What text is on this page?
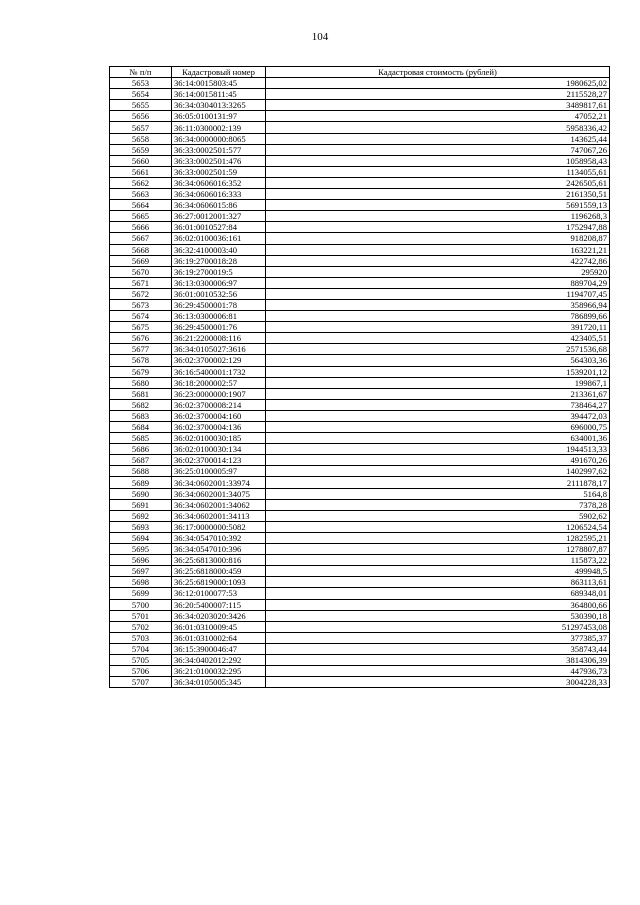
104
№ п/п	Кадастровый номер	Кадастровая стоимость (рублей)
5653	36:14:0015803:45	1980625,02
5654	36:14:0015811:45	2115528,27
5655	36:34:0304013:3265	3489817,61
5656	36:05:0100131:97	47052,21
5657	36:11:0300002:139	5958336,42
5658	36:34:0000000:8065	143625,44
5659	36:33:0002501:577	747067,26
5660	36:33:0002501:476	1058958,43
5661	36:33:0002501:59	1134055,61
5662	36:34:0606016:352	2426505,61
5663	36:34:0606016:333	2161350,51
5664	36:34:0606015:86	5691559,13
5665	36:27:0012001:327	1196268,3
5666	36:01:0010527:84	1752947,88
5667	36:02:0100036:161	918208,87
5668	36:32:4100003:40	163221,21
5669	36:19:2700018:28	422742,86
5670	36:19:2700019:5	295920
5671	36:13:0300006:97	889704,29
5672	36:01:0010532:56	1194707,45
5673	36:29:4500001:78	358966,94
5674	36:13:0300006:81	786899,66
5675	36:29:4500001:76	391720,11
5676	36:21:2200008:116	423405,51
5677	36:34:0105027:3616	2571536,68
5678	36:02:3700002:129	564303,36
5679	36:16:5400001:1732	1539201,12
5680	36:18:2000002:57	199867,1
5681	36:23:0000000:1907	213361,67
5682	36:02:3700008:214	738464,27
5683	36:02:3700004:160	394472,03
5684	36:02:3700004:136	696000,75
5685	36:02:0100030:185	634001,36
5686	36:02:0100030:134	1944513,33
5687	36:02:3700014:123	491670,26
5688	36:25:0100005:97	1402997,62
5689	36:34:0602001:33974	2111878,17
5690	36:34:0602001:34075	5164,8
5691	36:34:0602001:34062	7378,28
5692	36:34:0602001:34113	5902,62
5693	36:17:0000000:5082	1206524,54
5694	36:34:0547010:392	1282595,21
5695	36:34:0547010:396	1278807,87
5696	36:25:6813000:816	115873,22
5697	36:25:6818000:459	499948,5
5698	36:25:6819000:1093	863113,61
5699	36:12:0100077:53	689348,01
5700	36:20:5400007:115	364800,66
5701	36:34:0203020:3426	530390,18
5702	36:01:0310009:45	51297453,08
5703	36:01:0310002:64	377385,37
5704	36:15:3900046:47	358743,44
5705	36:34:0402012:292	3814306,39
5706	36:21:0100032:295	447936,73
5707	36:34:0105005:345	3004228,33
